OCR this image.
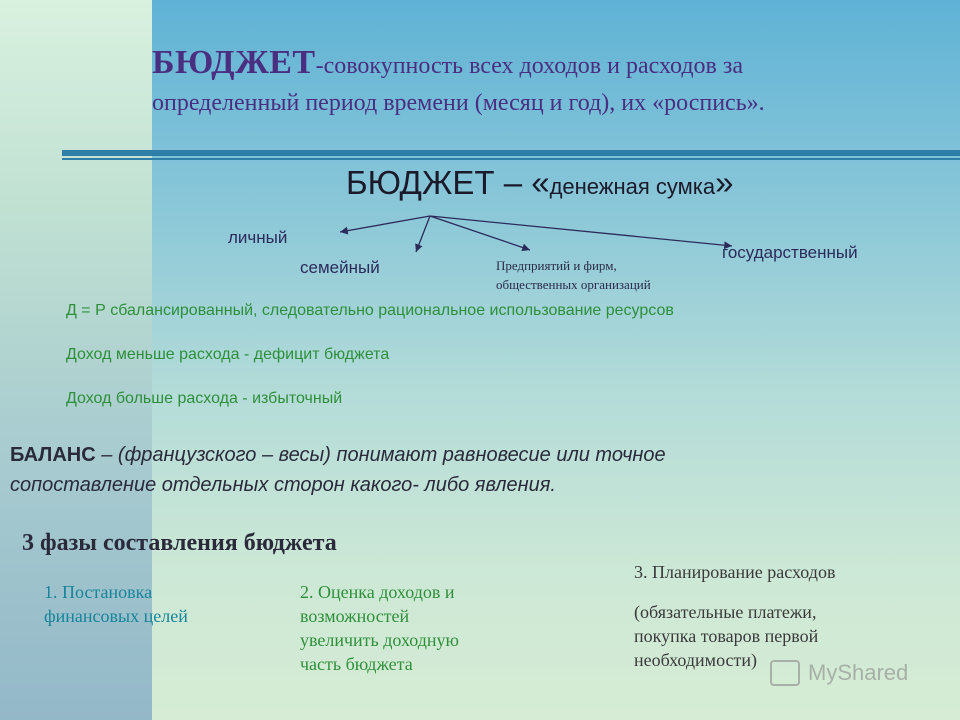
БЮДЖЕТ-совокупность всех доходов и расходов за
определенный период времени (месяц и год), их «роспись».
БЮДЖЕТ – «денежная сумка»
личный
семейный	Предприятий и фирм,
общественных организаций
государственный
Д = Р сбалансированный, следовательно рациональное использование ресурсов
Доход меньше расхода - дефицит бюджета
Доход больше расхода - избыточный
БАЛАНС – (французского – весы) понимают равновесие или точное
сопоставление отдельных сторон какого- либо явления.
3 фазы составления бюджета
1. Постановка
финансовых целей
2. Оценка доходов и
возможностей
увеличить доходную
часть бюджета
3. Планирование расходов
(обязательные платежи,
покупка товаров первой
необходимости)	MyShared
